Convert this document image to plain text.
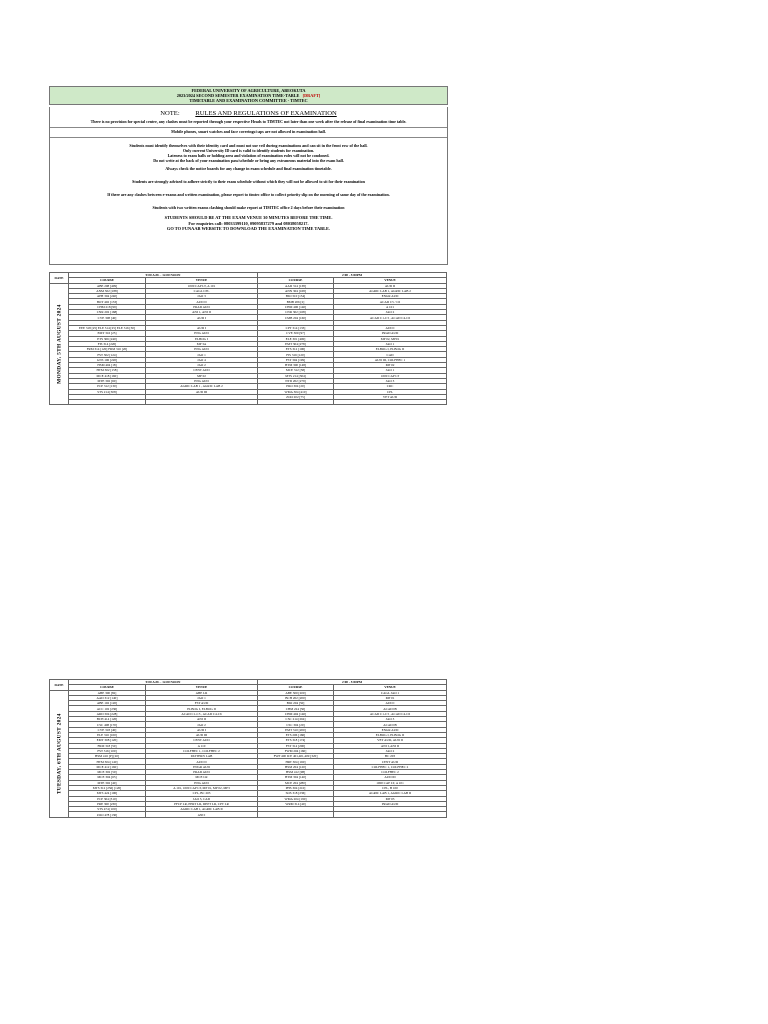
FEDERAL UNIVERSITY OF AGRICULTURE, ABEOKUTA
2023/2024 SECOND SEMESTER EXAMINATION TIME-TABLE [DRAFT]
TIMETABLE AND EXAMINATION COMMITTEE - TIMTEC
NOTE: RULES AND REGULATIONS OF EXAMINATION

There is no provision for special centre, any clashes must be reported through your respective Heads to TIMTEC not later than one week after the release of final examination time table.

Mobile phones, smart watches and face coverings/caps are not allowed in examination hall.

Students must identify themselves with their identity card and must not use veil during examinations and can sit in the front row of the hall.

Only current University ID card is valid to identify students for examination.

Lateness to exam halls or holding area and violation of examination rules will not be condoned.

Do not write at the back of your examination pass/schedule or bring any extraneous material into the exam hall.

Always check the notice boards for any change in exam schedule and final examination timetable.

Students are strongly advised to adhere strictly to their exam schedule without which they will not be allowed to sit for their examination

If there are any clashes between e-exams and written examination, please report to timtec office to collect priority slip on the morning of same day of the examination.

Students with two written exams clashing should make report at TIMTEC office 2 days before their examination

STUDENTS SHOULD BE AT THE EXAM VENUE 30 MINUTES BEFORE THE TIME.

For enquiries call: 08033399110, 09095837279 and 08038058217.

GO TO FUNAAB WEBSITE TO DOWNLOAD THE EXAMINATION TIME TABLE.

DATE	9:00 A.M. - 12.00 NOON		2:00 - 5:00PM	
	COURSE	VENUE	COURSE	VENUE
MONDAY, 5TH AUGUST 2024	ABE 208 [409]	1000 CAP LT, A 101	AAD 314 [138]	AUD II
	ANM 302 [188]	CAGL CPL	ANN 304 [168]	AGRIC LAB 1, AGRIC LAB 2
	APH 304 [240]	JAO 3	BIO 310 [154]	ENGR AUD
	BOT 402 [133]	AUD II	BMB 206 [2]	ACAD C5 / C6
	CHM 218 [99]	PRAD AUD	CHM 406 [140]	A 101
	CNR 202 [168]	ANI 1, ANI II	CNR 302 [168]	JAO 2
	CVE 308 [40]	AUD I	CMB 204 [160]	ACAD C1-C3 , ACAD C4-C6

	EEE 318 [25] ELE 314 [25] ELE 316 [30]	AUD I	CPT 314 [133]	AUD I
	EMT 316 [25]	ENG AUD	CVE 300 [97]	PRAD AUD
	ETS 306 [240]	ELBOG I	ELE 301 [400]	MP 02, MP01
	FIS 314 [220]	MP 3A	EMT 304 [278]	JAO 1
	FRM 314 [120] FRM 316 [20]	ENG AUD	ETS 312 [100]	ELBOG I, ELBOG II
	FST 302 [124]	JAO 1	FIS 316 [120]	CAD
	GNS 106 [220]	JAO 4	FST 304 [199]	AUD III, COLFHEC 1
	HSM 404 [18]	JAO 2	HTM 300 [148]	MP 02
	HTM 302 [158]	CENT AUD	MCE 312 [58]	JAO 1
	MCE 418 [160]	MP 02	MTS 214 [304]	1000 CAP LT
	MTE 302 [60]	ENG AUD	NTD 202 [279]	JAO 3
	PCP 312 [130]	AGRIC LAB 1 , AGRIC LAB 2	PRO 304 [20]	CRC
	STS 214 [308]	AUD III	WMA 304 [410]	CPL
			ZOO 202 [75]	VET AUD

DATE	9:00 A.M. - 12.00 NOON		2:00 - 5:00PM	
	COURSE	VENUE	COURSE	VENUE
TUESDAY, 6TH AUGUST 2024	ABE 300 [82]	ABE LR	ABE 300 [200]	CAGL JAO 1
	AAD 312 [140]	JAO 1	BCH 202 [200]	MP 01
	ABE 102 [120]	FST AUD	BIO 204 [50]	AUD I
	ACC 102 [230]	ELBOG I, ELBOG II	CHM 224 [50]	ACAD IB
	ARD 304 [228]	ACAD C1-C3 , ACAD C4-C6	CHM 404 [140]	ACAD C1-C3 , ACAD C4-C6
	BCH 414 [120]	ANI II	CSC 214 [264]	JAO 3
	CSC 408 [170]	JAO 2	CSC 304 [20]	ACAD IB
	CVE 318 [40]	AUD I	EMT 310 [200]	ENGR AUD
	ELE 316 [100]	AUD III	ETS 206 [160]	ELBOG I, ELBOG II
	EMT 308 [120]	CENT AUD	ETS 318 [174]	VET AUD, AUD II
	FRM 318 [50]	A 110	FST 314 [200]	ANI I, ANI II
	FST 316 [100]	COLFHEC 1, COLFHEC 2	FWM 204 [160]	JAO 2
	HSM 416 [P] [20]	PATTERN LAB	FWP 400 ICE 401,401,409 [320]	BC 203
	HTM 304 [140]	AUD II	HRT 304 [160]	CENT AUD
	MCE 412 [160]	ENGR AUD	HSM 204 [120]	COLFHEC 1, COLFHEC 2
	MCE 302 [50]	PRAD AUD	HSM 412 [98]	COLFHEC 2
	MCE 304 [65]	MCE LR	HTM 304 [140]	AUD III
	MTE 302 [40]	ENG AUD	MCE 204 [280]	1000 CAP LT, A 101
	MTS 312 [256] [120]	A 101, 1000 CAP LT, MP 01, MP 02, MP3	PHS 304 [210]	CPL, B 100
	MTS 424 [100]	CPL, BC 203	SOS 318 [236]	AGRIC LAB 1, AGRIC LAB II
	PCP 304 [310]	JAO 3, CAD	WMA 204 [190]	MP 03
	PRE 300 [230]	PFCP LR, PERT LR, DEPT LR, CPT LR	WRM 314 [40]	PRAD AUD
	STS 474 [100]	AGRIC LAB 1, AGRIC LAB II		
	ZOO 478 [130]	ANI I		
